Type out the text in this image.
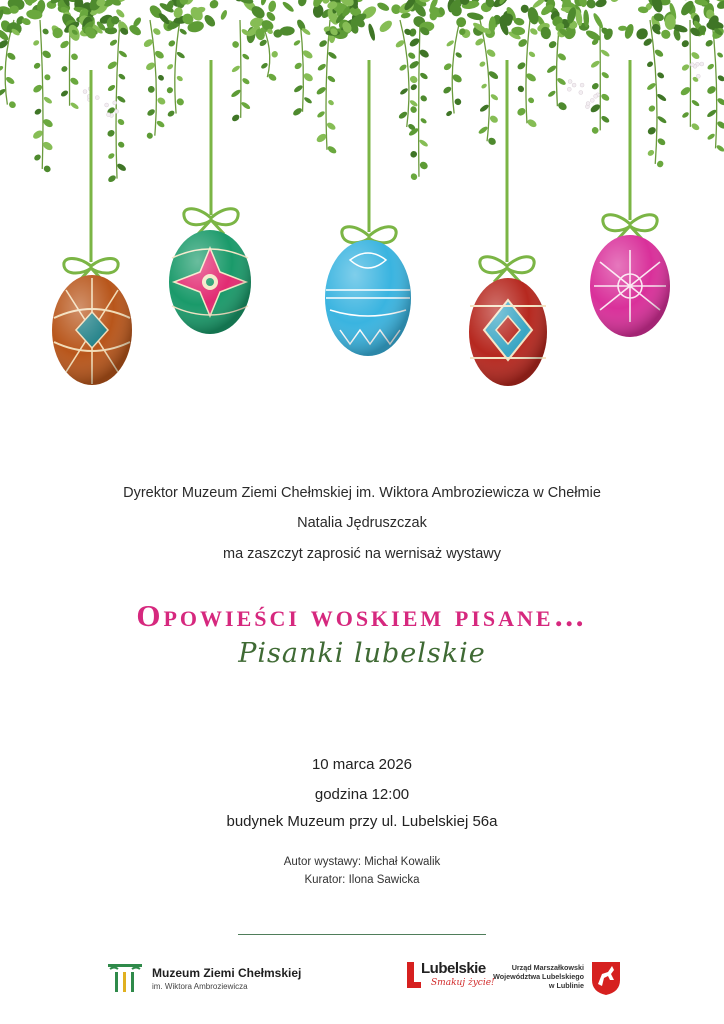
Dyrektor Muzeum Ziemi Chełmskiej im. Wiktora Ambroziewicza w Chełmie
Natalia Jędruszczak
ma zaszczyt zaprosić na wernisaż wystawy
Opowieści woskiem pisane…
Pisanki lubelskie
10 marca 2026
godzina 12:00
budynek Muzeum przy ul. Lubelskiej 56a
Autor wystawy: Michał Kowalik
Kurator: Ilona Sawicka
Muzeum Ziemi Chełmskiej
im. Wiktora Ambroziewicza
Lubelskie
Smakuj życie!
Urząd Marszałkowski
Województwa Lubelskiego
w Lublinie
